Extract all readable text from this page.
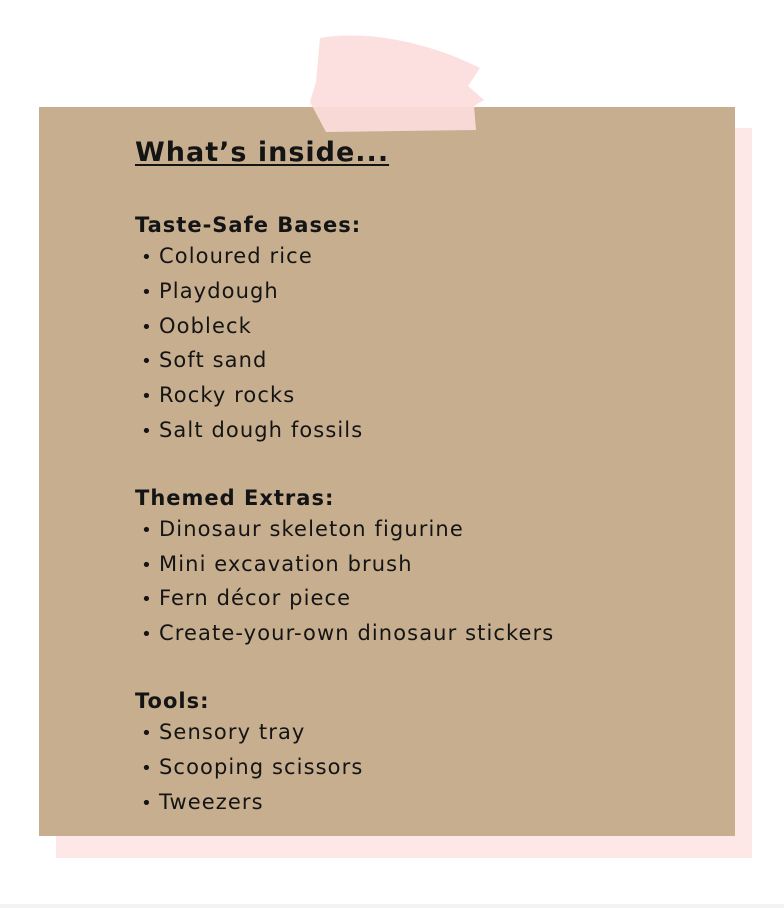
What’s inside...
Taste-Safe Bases:
• Coloured rice
• Playdough
• Oobleck
• Soft sand
• Rocky rocks
• Salt dough fossils
Themed Extras:
• Dinosaur skeleton figurine
• Mini excavation brush
• Fern décor piece
• Create-your-own dinosaur stickers
Tools:
• Sensory tray
• Scooping scissors
• Tweezers
